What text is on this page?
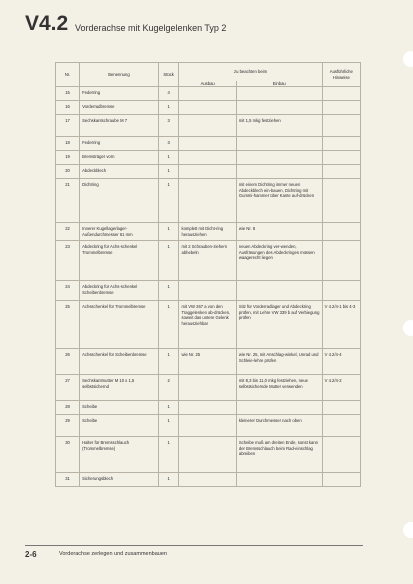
V4.2 Vorderachse mit Kugelgelenken Typ 2
Nr.	Benennung	Stück	zu beachten beim		Ausführliche Hinweise
			Ausbau	Einbau	
15	Federring	4			
16	Vorderradbremse	1			
17	Sechskantschraube M 7	3		mit 1,5 mkg festziehen	
18	Federring	3			
19	Bremsträger vorn	1			
20	Abdeckblech	1			
21	Dichtring	1		mit einem Dichtring immer neuen Abdeckblech ein-bauen, Dichtring mit Gummi-hammer über Kante auf-drücken	
22	Innerer Kugellagerlager-Außendurchmesser 61 mm	1	komplett mit Dicht-ring herausziehen	wie Nr. 8	
23	Abdeckring für Achs-schenkel Trommelbremse	1	mit 2 Schrauben-ziehern abhebeln	neuen Abdeckring ver-wenden, Ausfräsungen des Abdeckringes müssen waagerecht liegen	
24	Abdeckring für Achs-schenkel Scheibenbremse	1			
25	Achsschenkel für Trommelbremse	1	mit VW 267 a von den Traggelenken ab-drücken, soweit das untere Gelenk herausziehbar	Sitz für Vorderradlager und Abdeckring prüfen, mit Lehre VW 339 b auf Verbiegung prüfen	V 4.2/4-1 bis 4-3
26	Achsschenkel für Scheibenbremse	1	wie Nr. 25	wie Nr. 25, mit Anschlag-winkel, Unrad und Schleie-lehre prüfen	V 4.2/4-4
27	Sechskantmutter M 10 x 1,5 selbstsichernd	2		mit 8,3 bis 11,0 mkg festziehen, neue selbstsichernde Mutter verwenden	V 4.2/4-2
28	Scheibe	1			
29	Scheibe	1		kleinerer Durchmesser nach oben	
30	Halter für Bremsschlauch (Trommelbremse)	1		Scheibe muß am dreiten Ende, sonst kann der Bremsschlauch beim Rad-einschlag abreiben	
31	Sicherungsblech	1			
2-6	Vorderachse zerlegen und zusammenbauen
